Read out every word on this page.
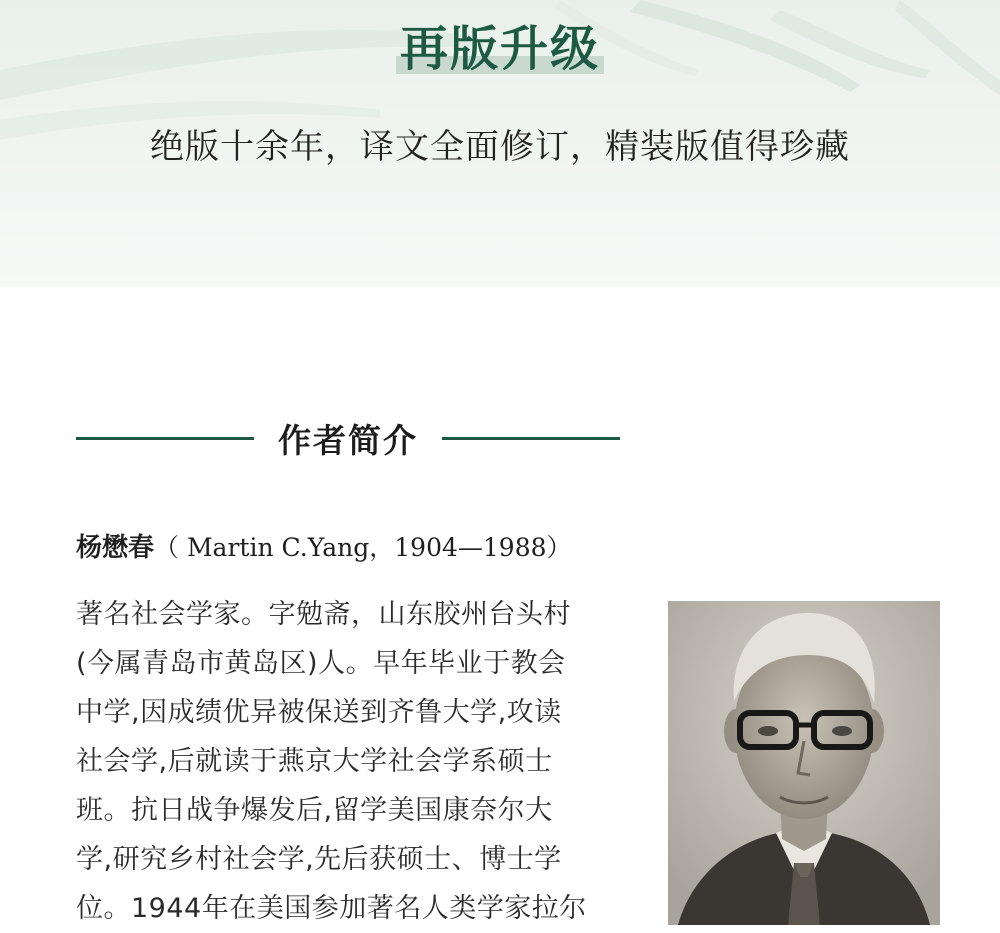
再版升级
绝版十余年，译文全面修订，精装版值得珍藏
作者简介
杨懋春（ Martin C.Yang，1904—1988）
著名社会学家。字勉斋，山东胶州台头村
(今属青岛市黄岛区)人。早年毕业于教会
中学,因成绩优异被保送到齐鲁大学,攻读
社会学,后就读于燕京大学社会学系硕士
班。抗日战争爆发后,留学美国康奈尔大
学,研究乡村社会学,先后获硕士、博士学
位。1944年在美国参加著名人类学家拉尔
